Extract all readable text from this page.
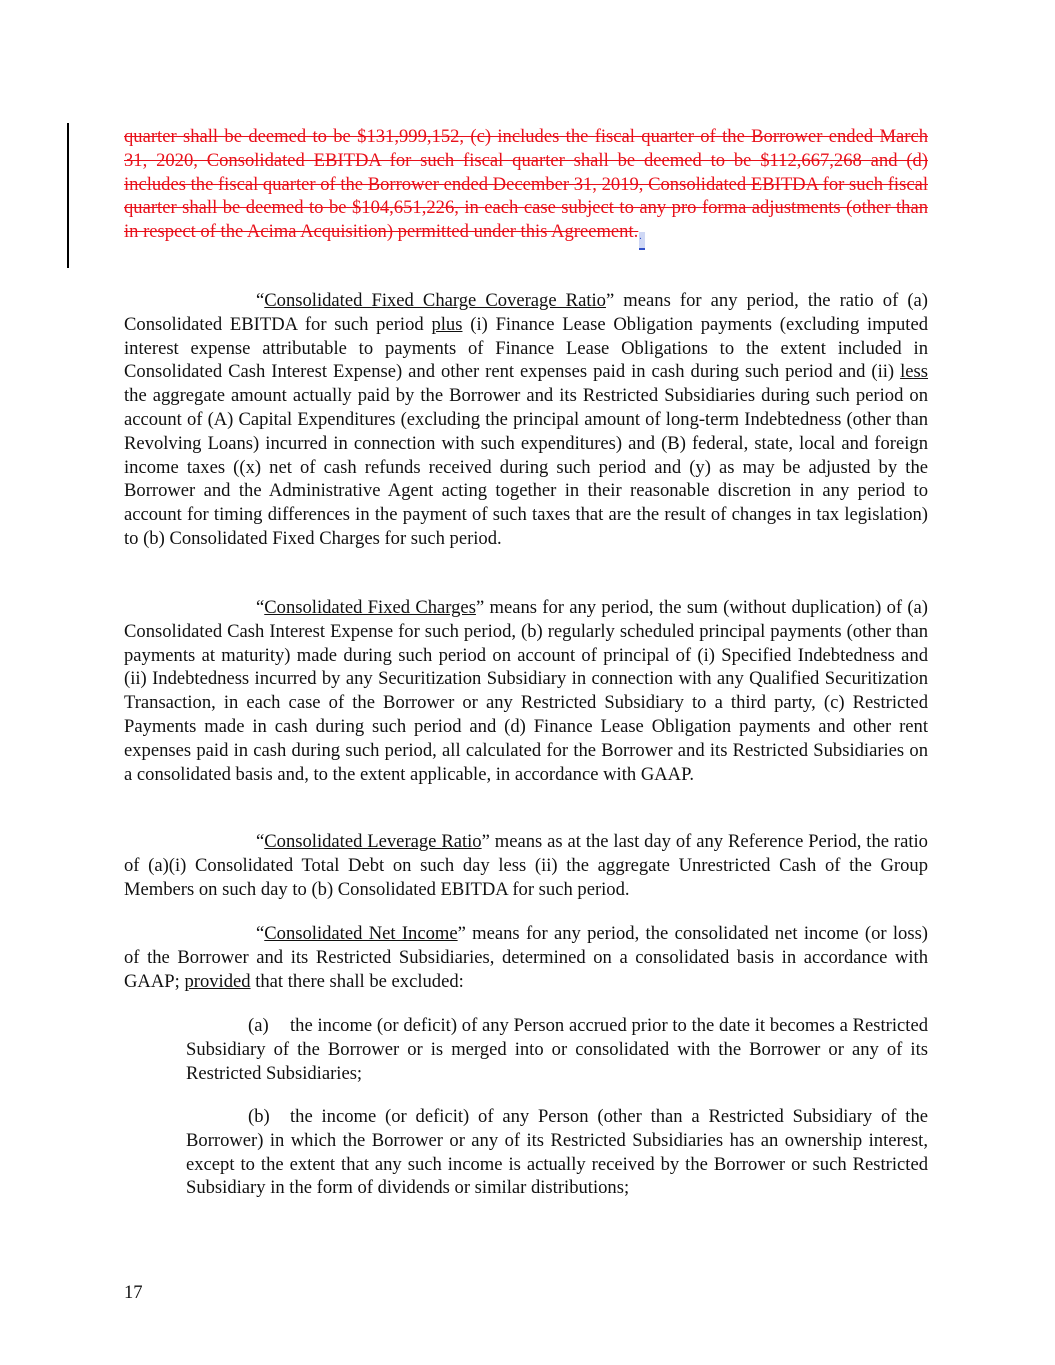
quarter shall be deemed to be $131,999,152, (c) includes the fiscal quarter of the Borrower ended March 31, 2020, Consolidated EBITDA for such fiscal quarter shall be deemed to be $112,667,268 and (d) includes the fiscal quarter of the Borrower ended December 31, 2019, Consolidated EBITDA for such fiscal quarter shall be deemed to be $104,651,226, in each case subject to any pro forma adjustments (other than in respect of the Acima Acquisition) permitted under this Agreement..

“Consolidated Fixed Charge Coverage Ratio” means for any period, the ratio of (a) Consolidated EBITDA for such period plus (i) Finance Lease Obligation payments (excluding imputed interest expense attributable to payments of Finance Lease Obligations to the extent included in Consolidated Cash Interest Expense) and other rent expenses paid in cash during such period and (ii) less the aggregate amount actually paid by the Borrower and its Restricted Subsidiaries during such period on account of (A) Capital Expenditures (excluding the principal amount of long-term Indebtedness (other than Revolving Loans) incurred in connection with such expenditures) and (B) federal, state, local and foreign income taxes ((x) net of cash refunds received during such period and (y) as may be adjusted by the Borrower and the Administrative Agent acting together in their reasonable discretion in any period to account for timing differences in the payment of such taxes that are the result of changes in tax legislation) to (b) Consolidated Fixed Charges for such period.

“Consolidated Fixed Charges” means for any period, the sum (without duplication) of (a) Consolidated Cash Interest Expense for such period, (b) regularly scheduled principal payments (other than payments at maturity) made during such period on account of principal of (i) Specified Indebtedness and (ii) Indebtedness incurred by any Securitization Subsidiary in connection with any Qualified Securitization Transaction, in each case of the Borrower or any Restricted Subsidiary to a third party, (c) Restricted Payments made in cash during such period and (d) Finance Lease Obligation payments and other rent expenses paid in cash during such period, all calculated for the Borrower and its Restricted Subsidiaries on a consolidated basis and, to the extent applicable, in accordance with GAAP.

“Consolidated Leverage Ratio” means as at the last day of any Reference Period, the ratio of (a)(i) Consolidated Total Debt on such day less (ii) the aggregate Unrestricted Cash of the Group Members on such day to (b) Consolidated EBITDA for such period.

“Consolidated Net Income” means for any period, the consolidated net income (or loss) of the Borrower and its Restricted Subsidiaries, determined on a consolidated basis in accordance with GAAP; provided that there shall be excluded:

(a) the income (or deficit) of any Person accrued prior to the date it becomes a Restricted Subsidiary of the Borrower or is merged into or consolidated with the Borrower or any of its Restricted Subsidiaries;

(b) the income (or deficit) of any Person (other than a Restricted Subsidiary of the Borrower) in which the Borrower or any of its Restricted Subsidiaries has an ownership interest, except to the extent that any such income is actually received by the Borrower or such Restricted Subsidiary in the form of dividends or similar distributions;

17
